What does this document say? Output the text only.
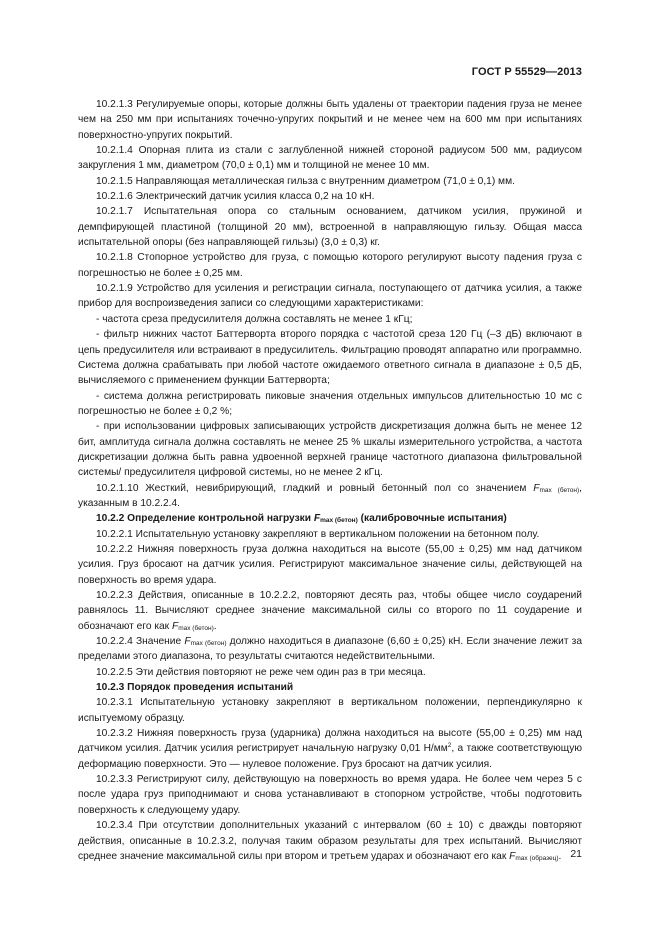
ГОСТ Р 55529—2013

10.2.1.3 Регулируемые опоры, которые должны быть удалены от траектории падения груза не менее чем на 250 мм при испытаниях точечно-упругих покрытий и не менее чем на 600 мм при испытаниях поверхностно-упругих покрытий.

10.2.1.4 Опорная плита из стали с заглубленной нижней стороной радиусом 500 мм, радиусом закругления 1 мм, диаметром (70,0 ± 0,1) мм и толщиной не менее 10 мм.

10.2.1.5 Направляющая металлическая гильза с внутренним диаметром (71,0 ± 0,1) мм.

10.2.1.6 Электрический датчик усилия класса 0,2 на 10 кН.

10.2.1.7 Испытательная опора со стальным основанием, датчиком усилия, пружиной и демпфирующей пластиной (толщиной 20 мм), встроенной в направляющую гильзу. Общая масса испытательной опоры (без направляющей гильзы) (3,0 ± 0,3) кг.

10.2.1.8 Стопорное устройство для груза, с помощью которого регулируют высоту падения груза с погрешностью не более ± 0,25 мм.

10.2.1.9 Устройство для усиления и регистрации сигнала, поступающего от датчика усилия, а также прибор для воспроизведения записи со следующими характеристиками:

- частота среза предусилителя должна составлять не менее 1 кГц;

- фильтр нижних частот Баттерворта второго порядка с частотой среза 120 Гц (–3 дБ) включают в цепь предусилителя или встраивают в предусилитель. Фильтрацию проводят аппаратно или программно. Система должна срабатывать при любой частоте ожидаемого ответного сигнала в диапазоне ± 0,5 дБ, вычисляемого с применением функции Баттерворта;

- система должна регистрировать пиковые значения отдельных импульсов длительностью 10 мс с погрешностью не более ± 0,2 %;

- при использовании цифровых записывающих устройств дискретизация должна быть не менее 12 бит, амплитуда сигнала должна составлять не менее 25 % шкалы измерительного устройства, а частота дискретизации должна быть равна удвоенной верхней границе частотного диапазона фильтровальной системы/ предусилителя цифровой системы, но не менее 2 кГц.

10.2.1.10 Жесткий, невибрирующий, гладкий и ровный бетонный пол со значением $F_{max (бетон)}$, указанным в 10.2.2.4.

10.2.2 Определение контрольной нагрузки $F_{max (бетон)}$ (калибровочные испытания)

10.2.2.1 Испытательную установку закрепляют в вертикальном положении на бетонном полу.

10.2.2.2 Нижняя поверхность груза должна находиться на высоте (55,00 ± 0,25) мм над датчиком усилия. Груз бросают на датчик усилия. Регистрируют максимальное значение силы, действующей на поверхность во время удара.

10.2.2.3 Действия, описанные в 10.2.2.2, повторяют десять раз, чтобы общее число соударений равнялось 11. Вычисляют среднее значение максимальной силы со второго по 11 соударение и обозначают его как $F_{max (бетон)}$.

10.2.2.4 Значение $F_{max (бетон)}$ должно находиться в диапазоне (6,60 ± 0,25) кН. Если значение лежит за пределами этого диапазона, то результаты считаются недействительными.

10.2.2.5 Эти действия повторяют не реже чем один раз в три месяца.

10.2.3 Порядок проведения испытаний

10.2.3.1 Испытательную установку закрепляют в вертикальном положении, перпендикулярно к испытуемому образцу.

10.2.3.2 Нижняя поверхность груза (ударника) должна находиться на высоте (55,00 ± 0,25) мм над датчиком усилия. Датчик усилия регистрирует начальную нагрузку 0,01 $Н/мм^2$, а также соответствующую деформацию поверхности. Это — нулевое положение. Груз бросают на датчик усилия.

10.2.3.3 Регистрируют силу, действующую на поверхность во время удара. Не более чем через 5 с после удара груз приподнимают и снова устанавливают в стопорном устройстве, чтобы подготовить поверхность к следующему удару.

10.2.3.4 При отсутствии дополнительных указаний с интервалом (60 ± 10) с дважды повторяют действия, описанные в 10.2.3.2, получая таким образом результаты для трех испытаний. Вычисляют среднее значение максимальной силы при втором и третьем ударах и обозначают его как $F_{max (образец)}$. 21
